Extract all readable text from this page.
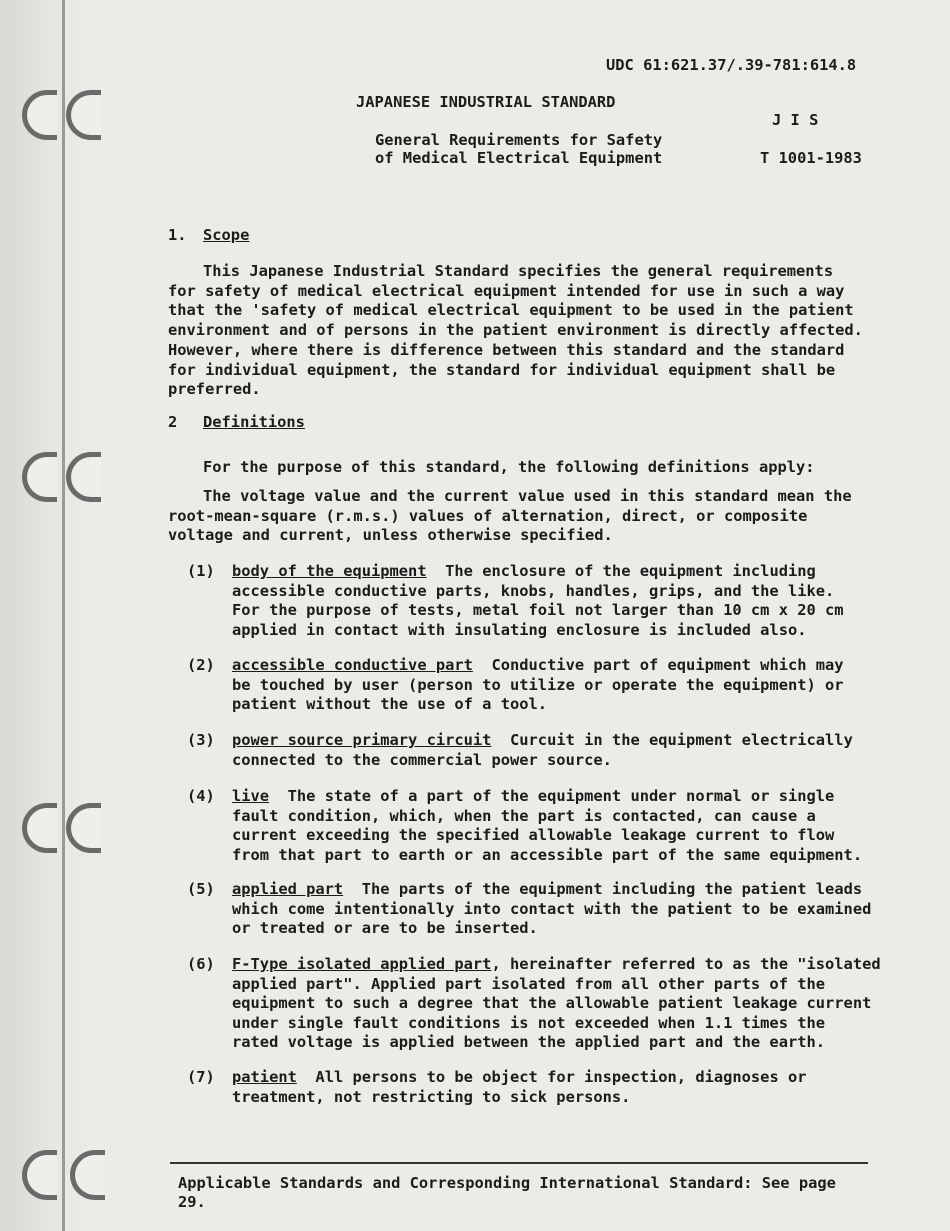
UDC 61:621.37/.39-781:614.8
JAPANESE INDUSTRIAL STANDARD
J I S
General Requirements for Safety
of Medical Electrical Equipment	T 1001-1983
1. Scope
This Japanese Industrial Standard specifies the general requirements
for safety of medical electrical equipment intended for use in such a way
that the 'safety of medical electrical equipment to be used in the patient
environment and of persons in the patient environment is directly affected.
However, where there is difference between this standard and the standard
for individual equipment, the standard for individual equipment shall be
preferred.
2 Definitions
For the purpose of this standard, the following definitions apply:
The voltage value and the current value used in this standard mean the
root-mean-square (r.m.s.) values of alternation, direct, or composite
voltage and current, unless otherwise specified.
(1) body of the equipment The enclosure of the equipment including
accessible conductive parts, knobs, handles, grips, and the like.
For the purpose of tests, metal foil not larger than 10 cm x 20 cm
applied in contact with insulating enclosure is included also.
(2) accessible conductive part Conductive part of equipment which may
be touched by user (person to utilize or operate the equipment) or
patient without the use of a tool.
(3) power source primary circuit Curcuit in the equipment electrically
connected to the commercial power source.
(4) live The state of a part of the equipment under normal or single
fault condition, which, when the part is contacted, can cause a
current exceeding the specified allowable leakage current to flow
from that part to earth or an accessible part of the same equipment.
(5) applied part The parts of the equipment including the patient leads
which come intentionally into contact with the patient to be examined
or treated or are to be inserted.
(6) F-Type isolated applied part, hereinafter referred to as the "isolated
applied part". Applied part isolated from all other parts of the
equipment to such a degree that the allowable patient leakage current
under single fault conditions is not exceeded when 1.1 times the
rated voltage is applied between the applied part and the earth.
(7) patient All persons to be object for inspection, diagnoses or
treatment, not restricting to sick persons.
Applicable Standards and Corresponding International Standard: See page
29.
